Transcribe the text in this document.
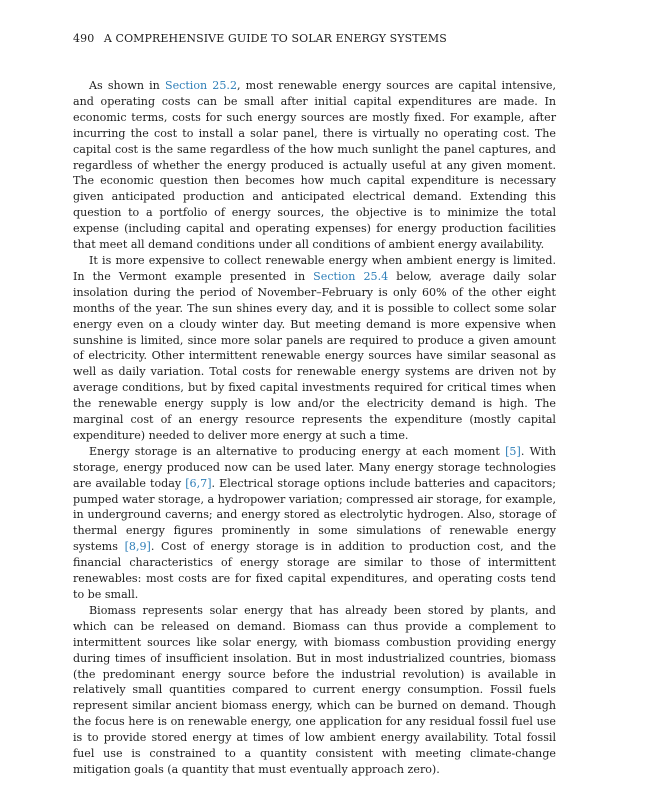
490 A COMPREHENSIVE GUIDE TO SOLAR ENERGY SYSTEMS

As shown in Section 25.2, most renewable energy sources are capital intensive, and operating costs can be small after initial capital expenditures are made. In economic terms, costs for such energy sources are mostly fixed. For example, after incurring the cost to install a solar panel, there is virtually no operating cost. The capital cost is the same regardless of the how much sunlight the panel captures, and regardless of whether the energy produced is actually useful at any given moment. The economic question then becomes how much capital expenditure is necessary given anticipated production and anticipated electrical demand. Extending this question to a portfolio of energy sources, the objective is to minimize the total expense (including capital and operating expenses) for energy production facilities that meet all demand conditions under all conditions of ambient energy availability.

It is more expensive to collect renewable energy when ambient energy is limited. In the Vermont example presented in Section 25.4 below, average daily solar insolation during the period of November–February is only 60% of the other eight months of the year. The sun shines every day, and it is possible to collect some solar energy even on a cloudy winter day. But meeting demand is more expensive when sunshine is limited, since more solar panels are required to produce a given amount of electricity. Other intermittent renewable energy sources have similar seasonal as well as daily variation. Total costs for renewable energy systems are driven not by average conditions, but by fixed capital investments required for critical times when the renewable energy supply is low and/or the electricity demand is high. The marginal cost of an energy resource represents the expenditure (mostly capital expenditure) needed to deliver more energy at such a time.

Energy storage is an alternative to producing energy at each moment [5]. With storage, energy produced now can be used later. Many energy storage technologies are available today [6,7]. Electrical storage options include batteries and capacitors; pumped water storage, a hydropower variation; compressed air storage, for example, in underground caverns; and energy stored as electrolytic hydrogen. Also, storage of thermal energy figures prominently in some simulations of renewable energy systems [8,9]. Cost of energy storage is in addition to production cost, and the financial characteristics of energy storage are similar to those of intermittent renewables: most costs are for fixed capital expenditures, and operating costs tend to be small.

Biomass represents solar energy that has already been stored by plants, and which can be released on demand. Biomass can thus provide a complement to intermittent sources like solar energy, with biomass combustion providing energy during times of insufficient insolation. But in most industrialized countries, biomass (the predominant energy source before the industrial revolution) is available in relatively small quantities compared to current energy consumption. Fossil fuels represent similar ancient biomass energy, which can be burned on demand. Though the focus here is on renewable energy, one application for any residual fossil fuel use is to provide stored energy at times of low ambient energy availability. Total fossil fuel use is constrained to a quantity consistent with meeting climate-change mitigation goals (a quantity that must eventually approach zero).
